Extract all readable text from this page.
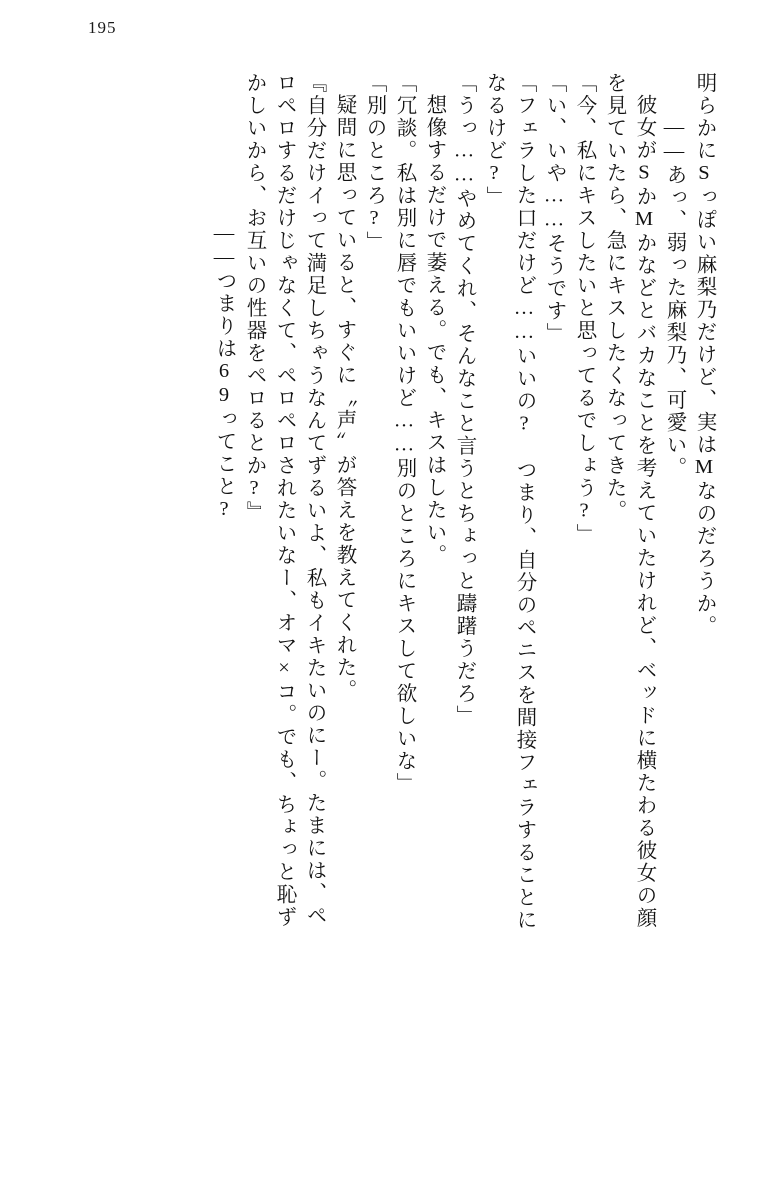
195
明らかにSっぽい麻梨乃だけど、実はMなのだろうか。
――あっ、弱った麻梨乃、可愛い。
彼女がSかMかなどとバカなことを考えていたけれど、ベッドに横たわる彼女の顔
を見ていたら、急にキスしたくなってきた。
「今、私にキスしたいと思ってるでしょう?」
「い、いや……そうです」
「フェラした口だけど……いいの?　つまり、自分のペニスを間接フェラすることに
なるけど?」
「うっ……やめてくれ、そんなこと言うとちょっと躊躇うだろ」
想像するだけで萎える。でも、キスはしたい。
「冗談。私は別に唇でもいいけど……別のところにキスして欲しいな」
「別のところ?」
疑問に思っていると、すぐに〝声〟が答えを教えてくれた。
『自分だけイって満足しちゃうなんてずるいよ、私もイキたいのにー。たまには、ペ
ロペロするだけじゃなくて、ペロペロされたいなー、オマ×コ。でも、ちょっと恥ず
かしいから、お互いの性器をペロるとか?』
――つまりは69ってこと?
